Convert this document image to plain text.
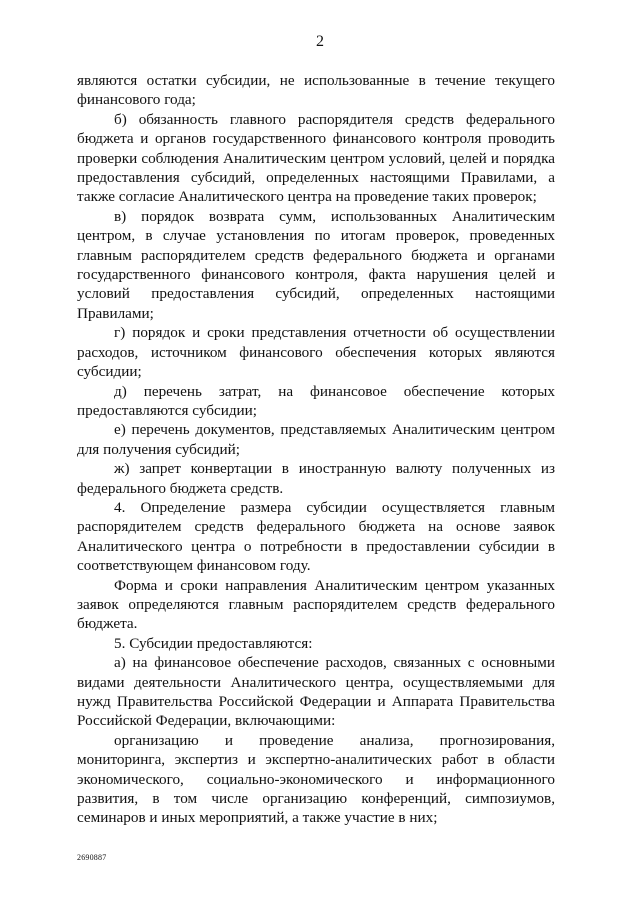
2

являются остатки субсидии, не использованные в течение текущего финансового года;

б) обязанность главного распорядителя средств федерального бюджета и органов государственного финансового контроля проводить проверки соблюдения Аналитическим центром условий, целей и порядка предоставления субсидий, определенных настоящими Правилами, а также согласие Аналитического центра на проведение таких проверок;

в) порядок возврата сумм, использованных Аналитическим центром, в случае установления по итогам проверок, проведенных главным распорядителем средств федерального бюджета и органами государственного финансового контроля, факта нарушения целей и условий предоставления субсидий, определенных настоящими Правилами;

г) порядок и сроки представления отчетности об осуществлении расходов, источником финансового обеспечения которых являются субсидии;

д) перечень затрат, на финансовое обеспечение которых предоставляются субсидии;

е) перечень документов, представляемых Аналитическим центром для получения субсидий;

ж) запрет конвертации в иностранную валюту полученных из федерального бюджета средств.

4. Определение размера субсидии осуществляется главным распорядителем средств федерального бюджета на основе заявок Аналитического центра о потребности в предоставлении субсидии в соответствующем финансовом году.

Форма и сроки направления Аналитическим центром указанных заявок определяются главным распорядителем средств федерального бюджета.

5. Субсидии предоставляются:

а) на финансовое обеспечение расходов, связанных с основными видами деятельности Аналитического центра, осуществляемыми для нужд Правительства Российской Федерации и Аппарата Правительства Российской Федерации, включающими:

организацию и проведение анализа, прогнозирования, мониторинга, экспертиз и экспертно-аналитических работ в области экономического, социально-экономического и информационного развития, в том числе организацию конференций, симпозиумов, семинаров и иных мероприятий, а также участие в них;

2690887
